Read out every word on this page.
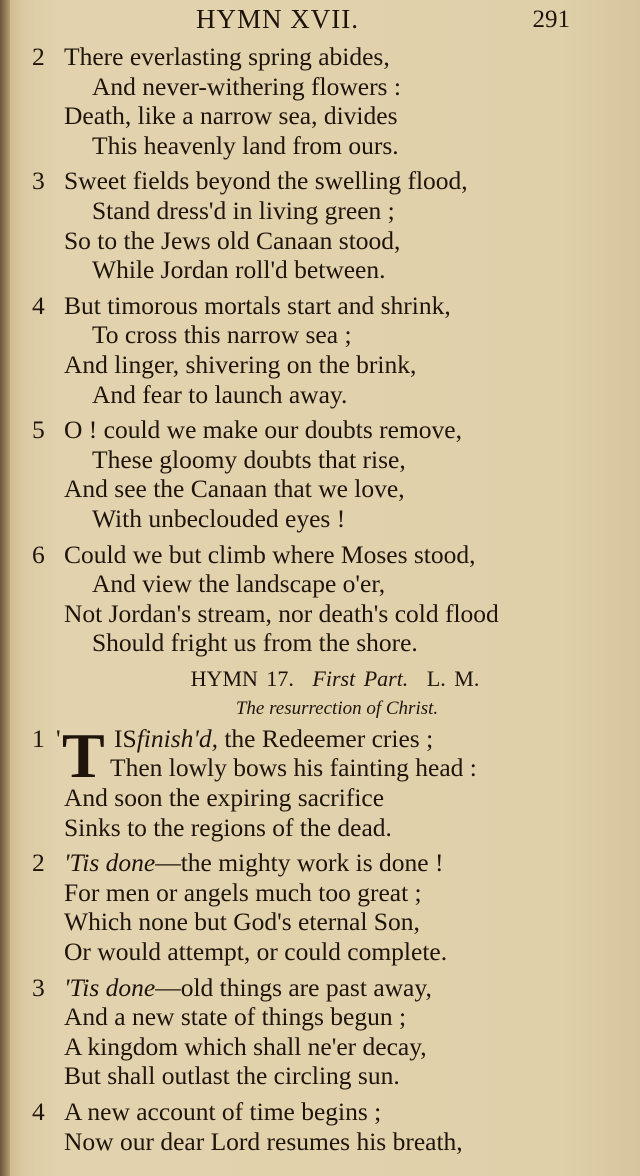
HYMN XVII.	291
2 There everlasting spring abides,
And never-withering flowers :
Death, like a narrow sea, divides
This heavenly land from ours.
3 Sweet fields beyond the swelling flood,
Stand dress'd in living green ;
So to the Jews old Canaan stood,
While Jordan roll'd between.
4 But timorous mortals start and shrink,
To cross this narrow sea ;
And linger, shivering on the brink,
And fear to launch away.
5 O ! could we make our doubts remove,
These gloomy doubts that rise,
And see the Canaan that we love,
With unbeclouded eyes !
6 Could we but climb where Moses stood,
And view the landscape o'er,
Not Jordan's stream, nor death's cold flood
Should fright us from the shore.
HYMN 17. First Part. L. M.
The resurrection of Christ.
T
1 ' ISfinish'd, the Redeemer cries ;
Then lowly bows his fainting head :
And soon the expiring sacrifice
Sinks to the regions of the dead.
2 'Tis done—the mighty work is done !
For men or angels much too great ;
Which none but God's eternal Son,
Or would attempt, or could complete.
3 'Tis done—old things are past away,
And a new state of things begun ;
A kingdom which shall ne'er decay,
But shall outlast the circling sun.
4 A new account of time begins ;
Now our dear Lord resumes his breath,
